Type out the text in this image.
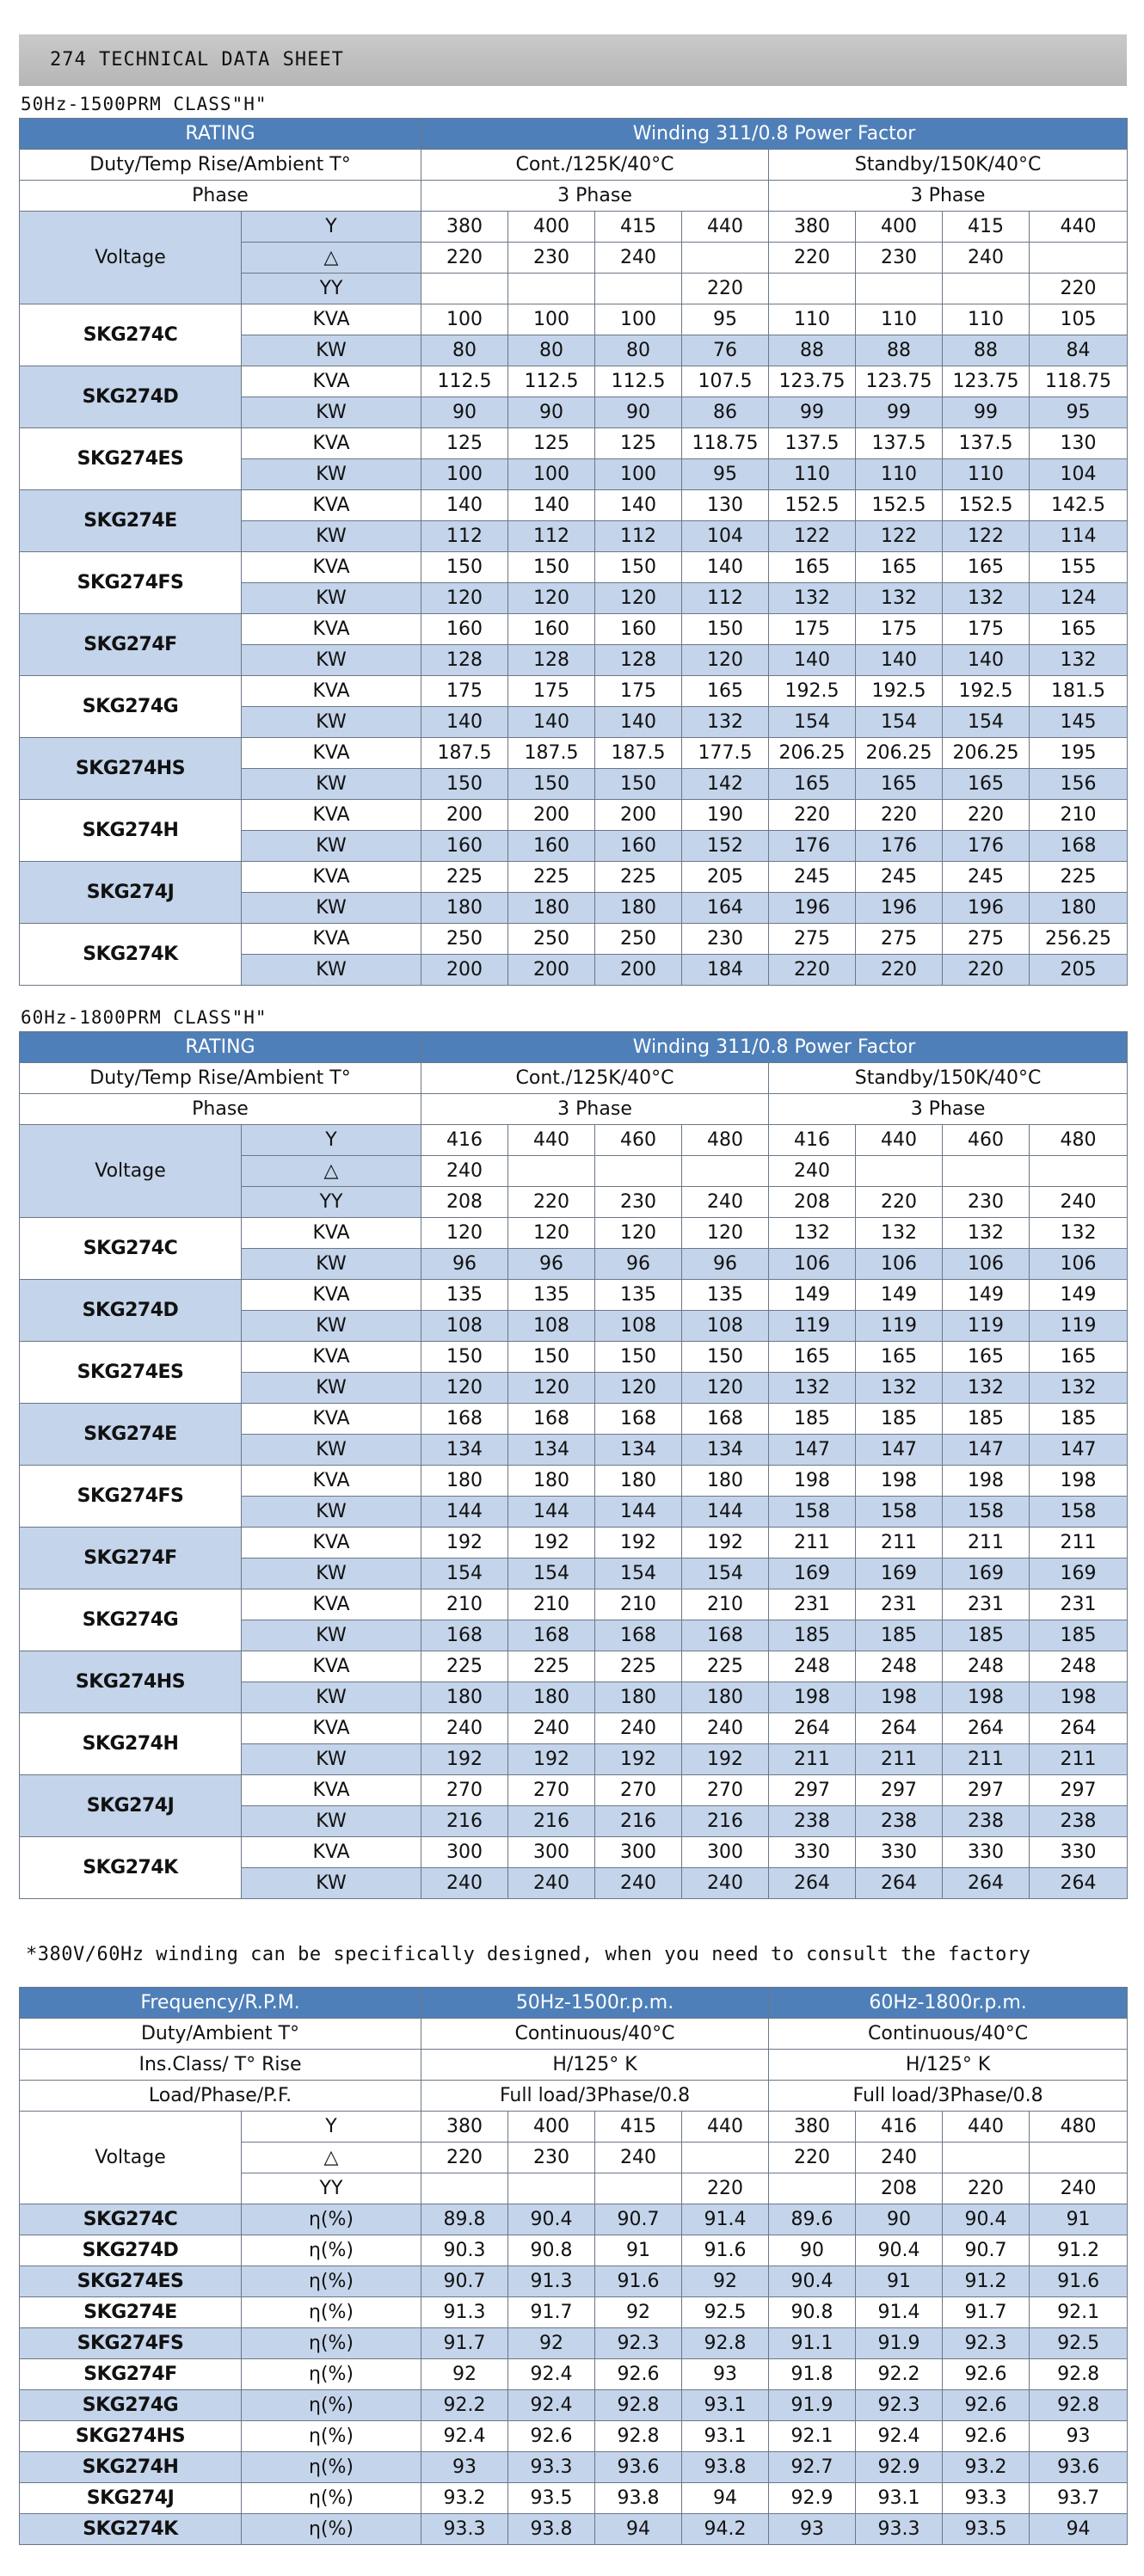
274 TECHNICAL DATA SHEET
50Hz-1500PRM CLASS"H"
RATING		Winding 311/0.8 Power Factor							
Duty/Temp Rise/Ambient T°		Cont./125K/40°C				Standby/150K/40°C			
Phase		3 Phase				3 Phase			
Voltage	Y	380	400	415	440	380	400	415	440
	△	220	230	240		220	230	240	
	YY				220				220
SKG274C	KVA	100	100	100	95	110	110	110	105
	KW	80	80	80	76	88	88	88	84
SKG274D	KVA	112.5	112.5	112.5	107.5	123.75	123.75	123.75	118.75
	KW	90	90	90	86	99	99	99	95
SKG274ES	KVA	125	125	125	118.75	137.5	137.5	137.5	130
	KW	100	100	100	95	110	110	110	104
SKG274E	KVA	140	140	140	130	152.5	152.5	152.5	142.5
	KW	112	112	112	104	122	122	122	114
SKG274FS	KVA	150	150	150	140	165	165	165	155
	KW	120	120	120	112	132	132	132	124
SKG274F	KVA	160	160	160	150	175	175	175	165
	KW	128	128	128	120	140	140	140	132
SKG274G	KVA	175	175	175	165	192.5	192.5	192.5	181.5
	KW	140	140	140	132	154	154	154	145
SKG274HS	KVA	187.5	187.5	187.5	177.5	206.25	206.25	206.25	195
	KW	150	150	150	142	165	165	165	156
SKG274H	KVA	200	200	200	190	220	220	220	210
	KW	160	160	160	152	176	176	176	168
SKG274J	KVA	225	225	225	205	245	245	245	225
	KW	180	180	180	164	196	196	196	180
SKG274K	KVA	250	250	250	230	275	275	275	256.25
	KW	200	200	200	184	220	220	220	205
60Hz-1800PRM CLASS"H"
RATING		Winding 311/0.8 Power Factor							
Duty/Temp Rise/Ambient T°		Cont./125K/40°C				Standby/150K/40°C			
Phase		3 Phase				3 Phase			
Voltage	Y	416	440	460	480	416	440	460	480
	△	240				240			
	YY	208	220	230	240	208	220	230	240
SKG274C	KVA	120	120	120	120	132	132	132	132
	KW	96	96	96	96	106	106	106	106
SKG274D	KVA	135	135	135	135	149	149	149	149
	KW	108	108	108	108	119	119	119	119
SKG274ES	KVA	150	150	150	150	165	165	165	165
	KW	120	120	120	120	132	132	132	132
SKG274E	KVA	168	168	168	168	185	185	185	185
	KW	134	134	134	134	147	147	147	147
SKG274FS	KVA	180	180	180	180	198	198	198	198
	KW	144	144	144	144	158	158	158	158
SKG274F	KVA	192	192	192	192	211	211	211	211
	KW	154	154	154	154	169	169	169	169
SKG274G	KVA	210	210	210	210	231	231	231	231
	KW	168	168	168	168	185	185	185	185
SKG274HS	KVA	225	225	225	225	248	248	248	248
	KW	180	180	180	180	198	198	198	198
SKG274H	KVA	240	240	240	240	264	264	264	264
	KW	192	192	192	192	211	211	211	211
SKG274J	KVA	270	270	270	270	297	297	297	297
	KW	216	216	216	216	238	238	238	238
SKG274K	KVA	300	300	300	300	330	330	330	330
	KW	240	240	240	240	264	264	264	264
*380V/60Hz winding can be specifically designed, when you need to consult the factory
Frequency/R.P.M.		50Hz-1500r.p.m.				60Hz-1800r.p.m.			
Duty/Ambient T°		Continuous/40°C				Continuous/40°C			
Ins.Class/ T° Rise		H/125° K				H/125° K			
Load/Phase/P.F.		Full load/3Phase/0.8				Full load/3Phase/0.8			
Voltage	Y	380	400	415	440	380	416	440	480
	△	220	230	240		220	240		
	YY				220		208	220	240
SKG274C	η(%)	89.8	90.4	90.7	91.4	89.6	90	90.4	91
SKG274D	η(%)	90.3	90.8	91	91.6	90	90.4	90.7	91.2
SKG274ES	η(%)	90.7	91.3	91.6	92	90.4	91	91.2	91.6
SKG274E	η(%)	91.3	91.7	92	92.5	90.8	91.4	91.7	92.1
SKG274FS	η(%)	91.7	92	92.3	92.8	91.1	91.9	92.3	92.5
SKG274F	η(%)	92	92.4	92.6	93	91.8	92.2	92.6	92.8
SKG274G	η(%)	92.2	92.4	92.8	93.1	91.9	92.3	92.6	92.8
SKG274HS	η(%)	92.4	92.6	92.8	93.1	92.1	92.4	92.6	93
SKG274H	η(%)	93	93.3	93.6	93.8	92.7	92.9	93.2	93.6
SKG274J	η(%)	93.2	93.5	93.8	94	92.9	93.1	93.3	93.7
SKG274K	η(%)	93.3	93.8	94	94.2	93	93.3	93.5	94
